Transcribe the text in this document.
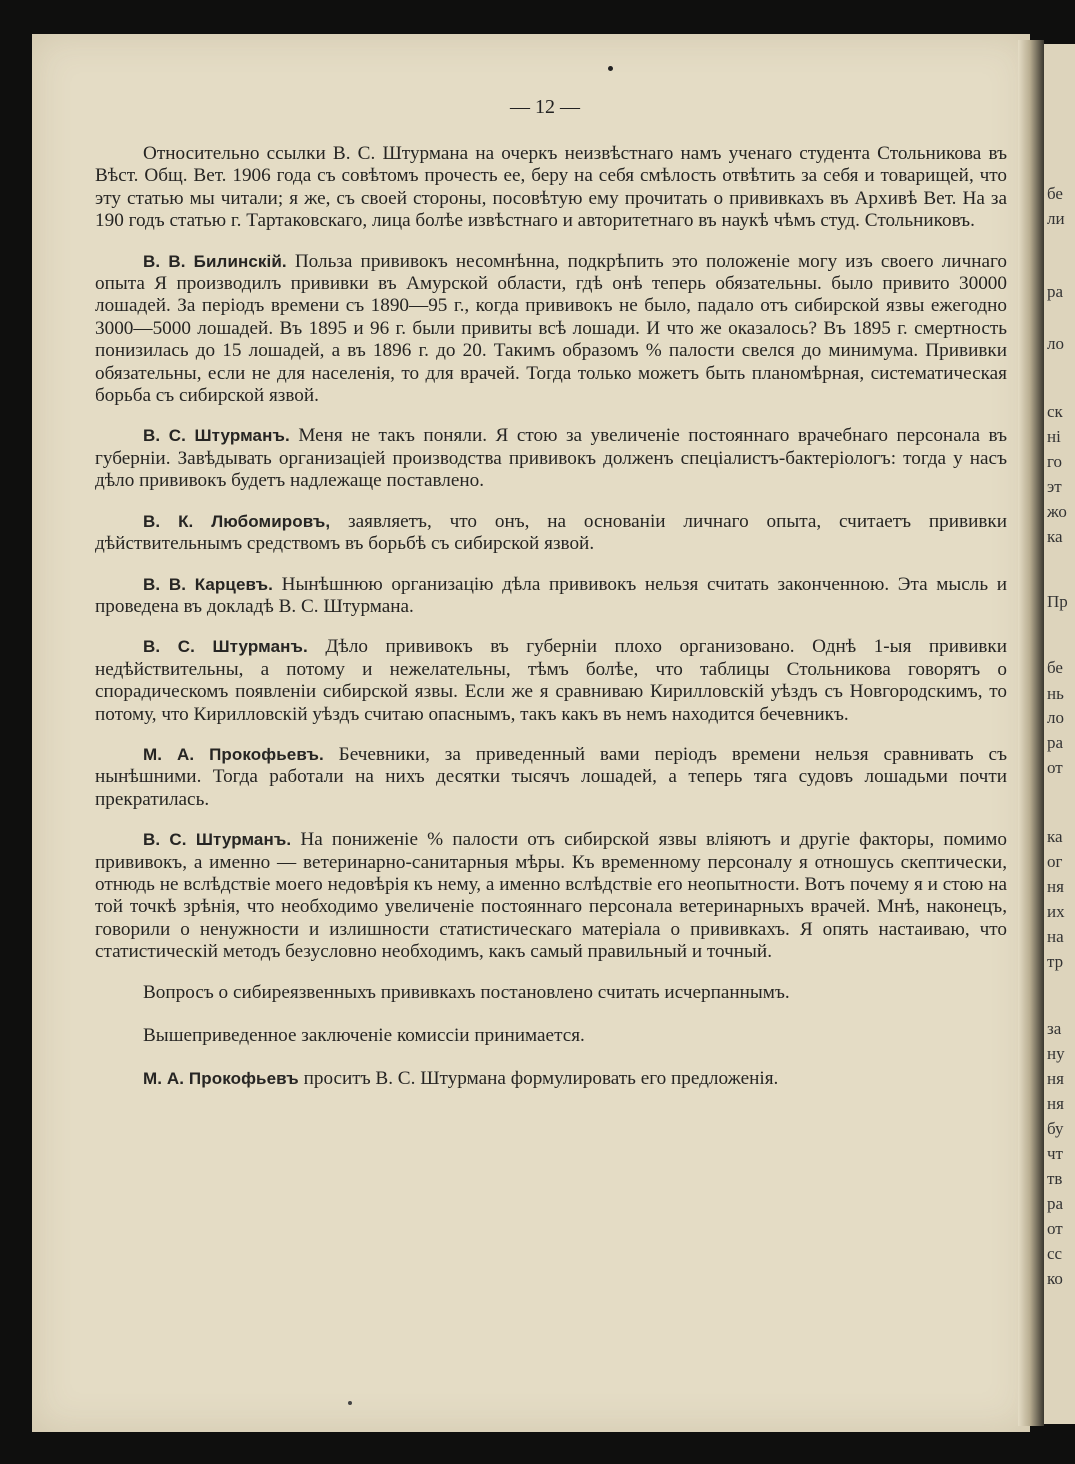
бе
ли
ра
ло
ск
ні
го
эт
жо
ка
Пр
бе
нь
ло
ра
от
ка
ог
ня
их
на
тр
за
ну
ня
ня
бу
чт
тв
ра
от
сс
ко
— 12 —

Относительно ссылки В. С. Штурмана на очеркъ неизвѣстнаго намъ ученаго студента Стольникова въ Вѣст. Общ. Вет. 1906 года съ совѣтомъ прочесть ее, беру на себя смѣлость отвѣтить за себя и товарищей, что эту статью мы читали; я же, съ своей стороны, посовѣтую ему прочитать о прививкахъ въ Архивѣ Вет. На за 190 годъ статью г. Тартаковскаго, лица болѣе извѣстнаго и авторитетнаго въ наукѣ чѣмъ студ. Стольниковъ.

В. В. Билинскій. Польза прививокъ несомнѣнна, подкрѣпить это положеніе могу изъ своего личнаго опыта Я производилъ прививки въ Амурской области, гдѣ онѣ теперь обязательны. было привито 30000 лошадей. За періодъ времени съ 1890—95 г., когда прививокъ не было, падало отъ сибирской язвы ежегодно 3000—5000 лошадей. Въ 1895 и 96 г. были привиты всѣ лошади. И что же оказалось? Въ 1895 г. смертность понизилась до 15 лошадей, а въ 1896 г. до 20. Такимъ образомъ % палости свелся до минимума. Прививки обязательны, если не для населенія, то для врачей. Тогда только можетъ быть планомѣрная, систематическая борьба съ сибирской язвой.

В. С. Штурманъ. Меня не такъ поняли. Я стою за увеличеніе постояннаго врачебнаго персонала въ губерніи. Завѣдывать организаціей производства прививокъ долженъ спеціалистъ-бактеріологъ: тогда у насъ дѣло прививокъ будетъ надлежаще поставлено.

В. К. Любомировъ, заявляетъ, что онъ, на основаніи личнаго опыта, считаетъ прививки дѣйствительнымъ средствомъ въ борьбѣ съ сибирской язвой.

В. В. Карцевъ. Нынѣшнюю организацію дѣла прививокъ нельзя считать законченною. Эта мысль и проведена въ докладѣ В. С. Штурмана.

В. С. Штурманъ. Дѣло прививокъ въ губерніи плохо организовано. Однѣ 1-ыя прививки недѣйствительны, а потому и нежелательны, тѣмъ болѣе, что таблицы Стольникова говорятъ о спорадическомъ появленіи сибирской язвы. Если же я сравниваю Кирилловскій уѣздъ съ Новгородскимъ, то потому, что Кирилловскій уѣздъ считаю опаснымъ, такъ какъ въ немъ находится бечевникъ.

М. А. Прокофьевъ. Бечевники, за приведенный вами періодъ времени нельзя сравнивать съ нынѣшними. Тогда работали на нихъ десятки тысячъ лошадей, а теперь тяга судовъ лошадьми почти прекратилась.

В. С. Штурманъ. На пониженіе % палости отъ сибирской язвы вліяютъ и другіе факторы, помимо прививокъ, а именно — ветеринарно-санитарныя мѣры. Къ временному персоналу я отношусь скептически, отнюдь не вслѣдствіе моего недовѣрія къ нему, а именно вслѣдствіе его неопытности. Вотъ почему я и стою на той точкѣ зрѣнія, что необходимо увеличеніе постояннаго персонала ветеринарныхъ врачей. Мнѣ, наконецъ, говорили о ненужности и излишности статистическаго матеріала о прививкахъ. Я опять настаиваю, что статистическій методъ безусловно необходимъ, какъ самый правильный и точный.

Вопросъ о сибиреязвенныхъ прививкахъ постановлено считать исчерпаннымъ.

Вышеприведенное заключеніе комиссіи принимается.

М. А. Прокофьевъ проситъ В. С. Штурмана формулировать его предложенія.
